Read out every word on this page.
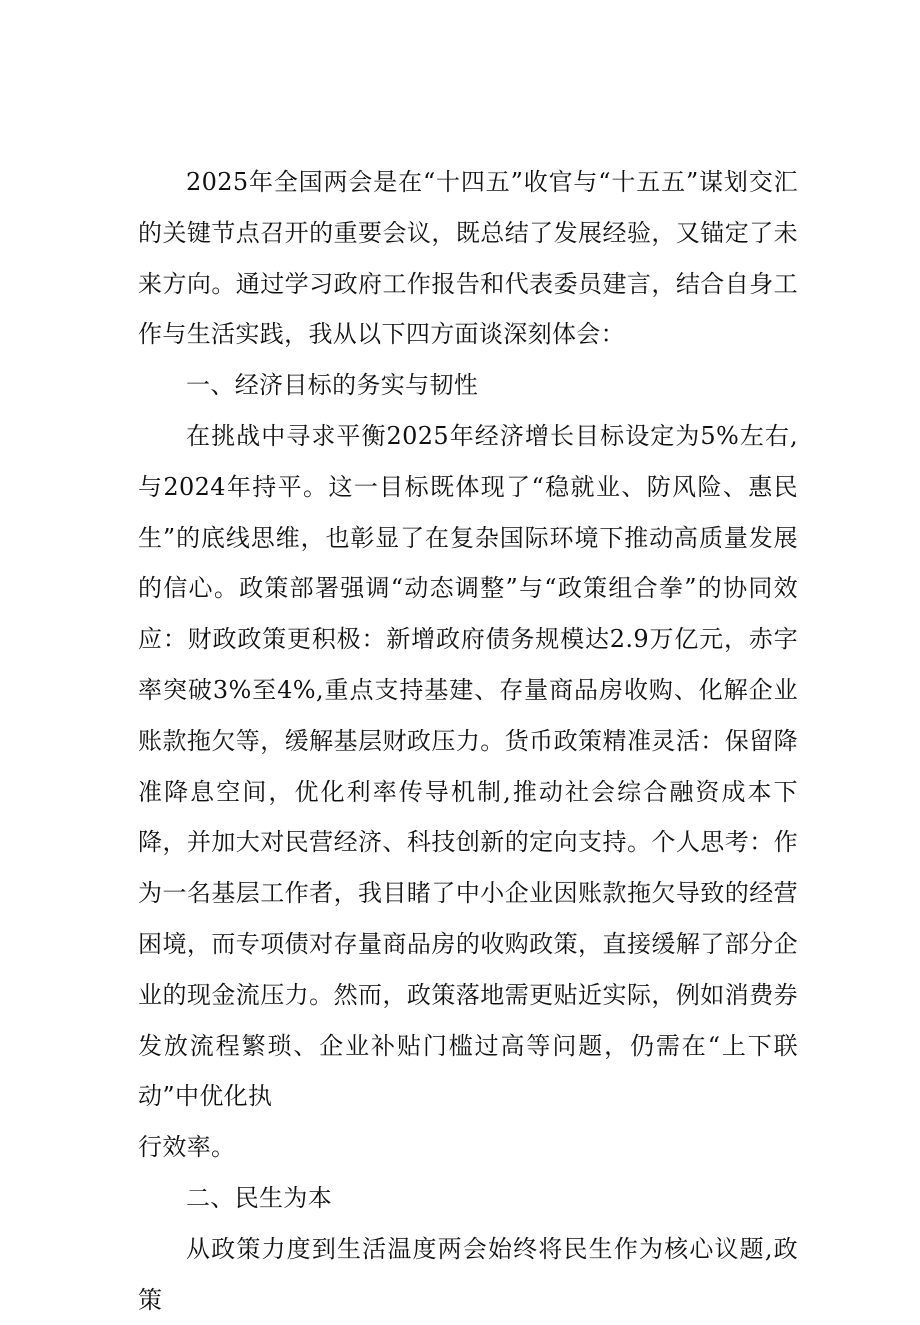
2025年全国两会是在“十四五”收官与“十五五”谋划交汇的关键节点召开的重要会议，既总结了发展经验，又锚定了未来方向。通过学习政府工作报告和代表委员建言，结合自身工作与生活实践，我从以下四方面谈深刻体会：

一、经济目标的务实与韧性

在挑战中寻求平衡2025年经济增长目标设定为5%左右,与2024年持平。这一目标既体现了“稳就业、防风险、惠民生”的底线思维，也彰显了在复杂国际环境下推动高质量发展的信心。政策部署强调“动态调整”与“政策组合拳”的协同效应：财政政策更积极：新增政府债务规模达2.9万亿元，赤字率突破3%至4%,重点支持基建、存量商品房收购、化解企业账款拖欠等，缓解基层财政压力。货币政策精准灵活：保留降准降息空间，优化利率传导机制,推动社会综合融资成本下降，并加大对民营经济、科技创新的定向支持。个人思考：作为一名基层工作者，我目睹了中小企业因账款拖欠导致的经营困境，而专项债对存量商品房的收购政策，直接缓解了部分企业的现金流压力。然而，政策落地需更贴近实际，例如消费券发放流程繁琐、企业补贴门槛过高等问题，仍需在“上下联动”中优化执

行效率。

二、民生为本

从政策力度到生活温度两会始终将民生作为核心议题,政策
